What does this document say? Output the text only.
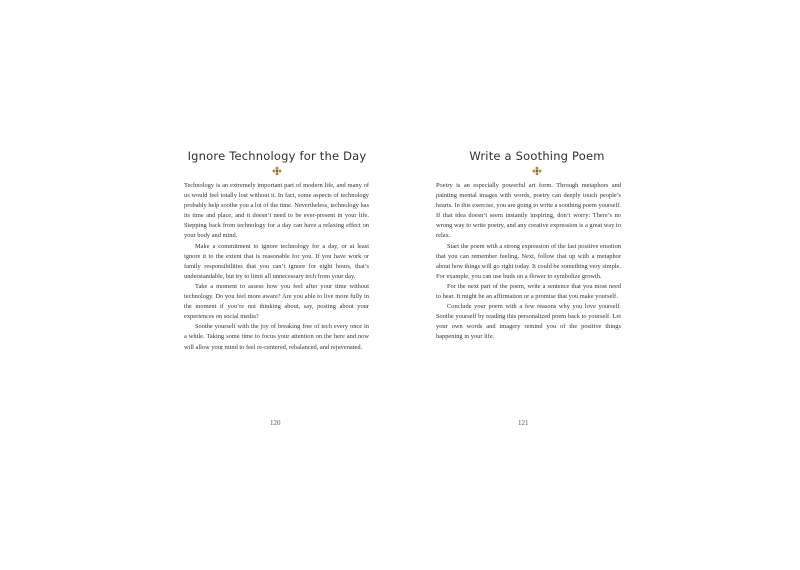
Ignore Technology for the Day

Technology is an extremely important part of modern life, and many of us would feel totally lost without it. In fact, some aspects of technology probably help soothe you a lot of the time. Nevertheless, technology has its time and place, and it doesn’t need to be ever-present in your life. Stepping back from technology for a day can have a relaxing effect on your body and mind.

Make a commitment to ignore technology for a day, or at least ignore it to the extent that is reasonable for you. If you have work or family responsibilities that you can’t ignore for eight hours, that’s understandable, but try to limit all unnecessary tech from your day.

Take a moment to assess how you feel after your time without technology. Do you feel more aware? Are you able to live more fully in the moment if you’re not thinking about, say, posting about your experiences on social media?

Soothe yourself with the joy of breaking free of tech every once in a while. Taking some time to focus your attention on the here and now will allow your mind to feel re-centered, rebalanced, and rejuvenated.

120
Write a Soothing Poem

Poetry is an especially powerful art form. Through metaphors and painting mental images with words, poetry can deeply touch people’s hearts. In this exercise, you are going to write a soothing poem yourself. If that idea doesn’t seem instantly inspiring, don’t worry: There’s no wrong way to write poetry, and any creative expression is a great way to relax.

Start the poem with a strong expression of the last positive emotion that you can remember feeling. Next, follow that up with a metaphor about how things will go right today. It could be something very simple. For example, you can use buds on a flower to symbolize growth.

For the next part of the poem, write a sentence that you most need to hear. It might be an affirmation or a promise that you make yourself.

Conclude your poem with a few reasons why you love yourself. Soothe yourself by reading this personalized poem back to yourself. Let your own words and imagery remind you of the positive things happening in your life.

121
